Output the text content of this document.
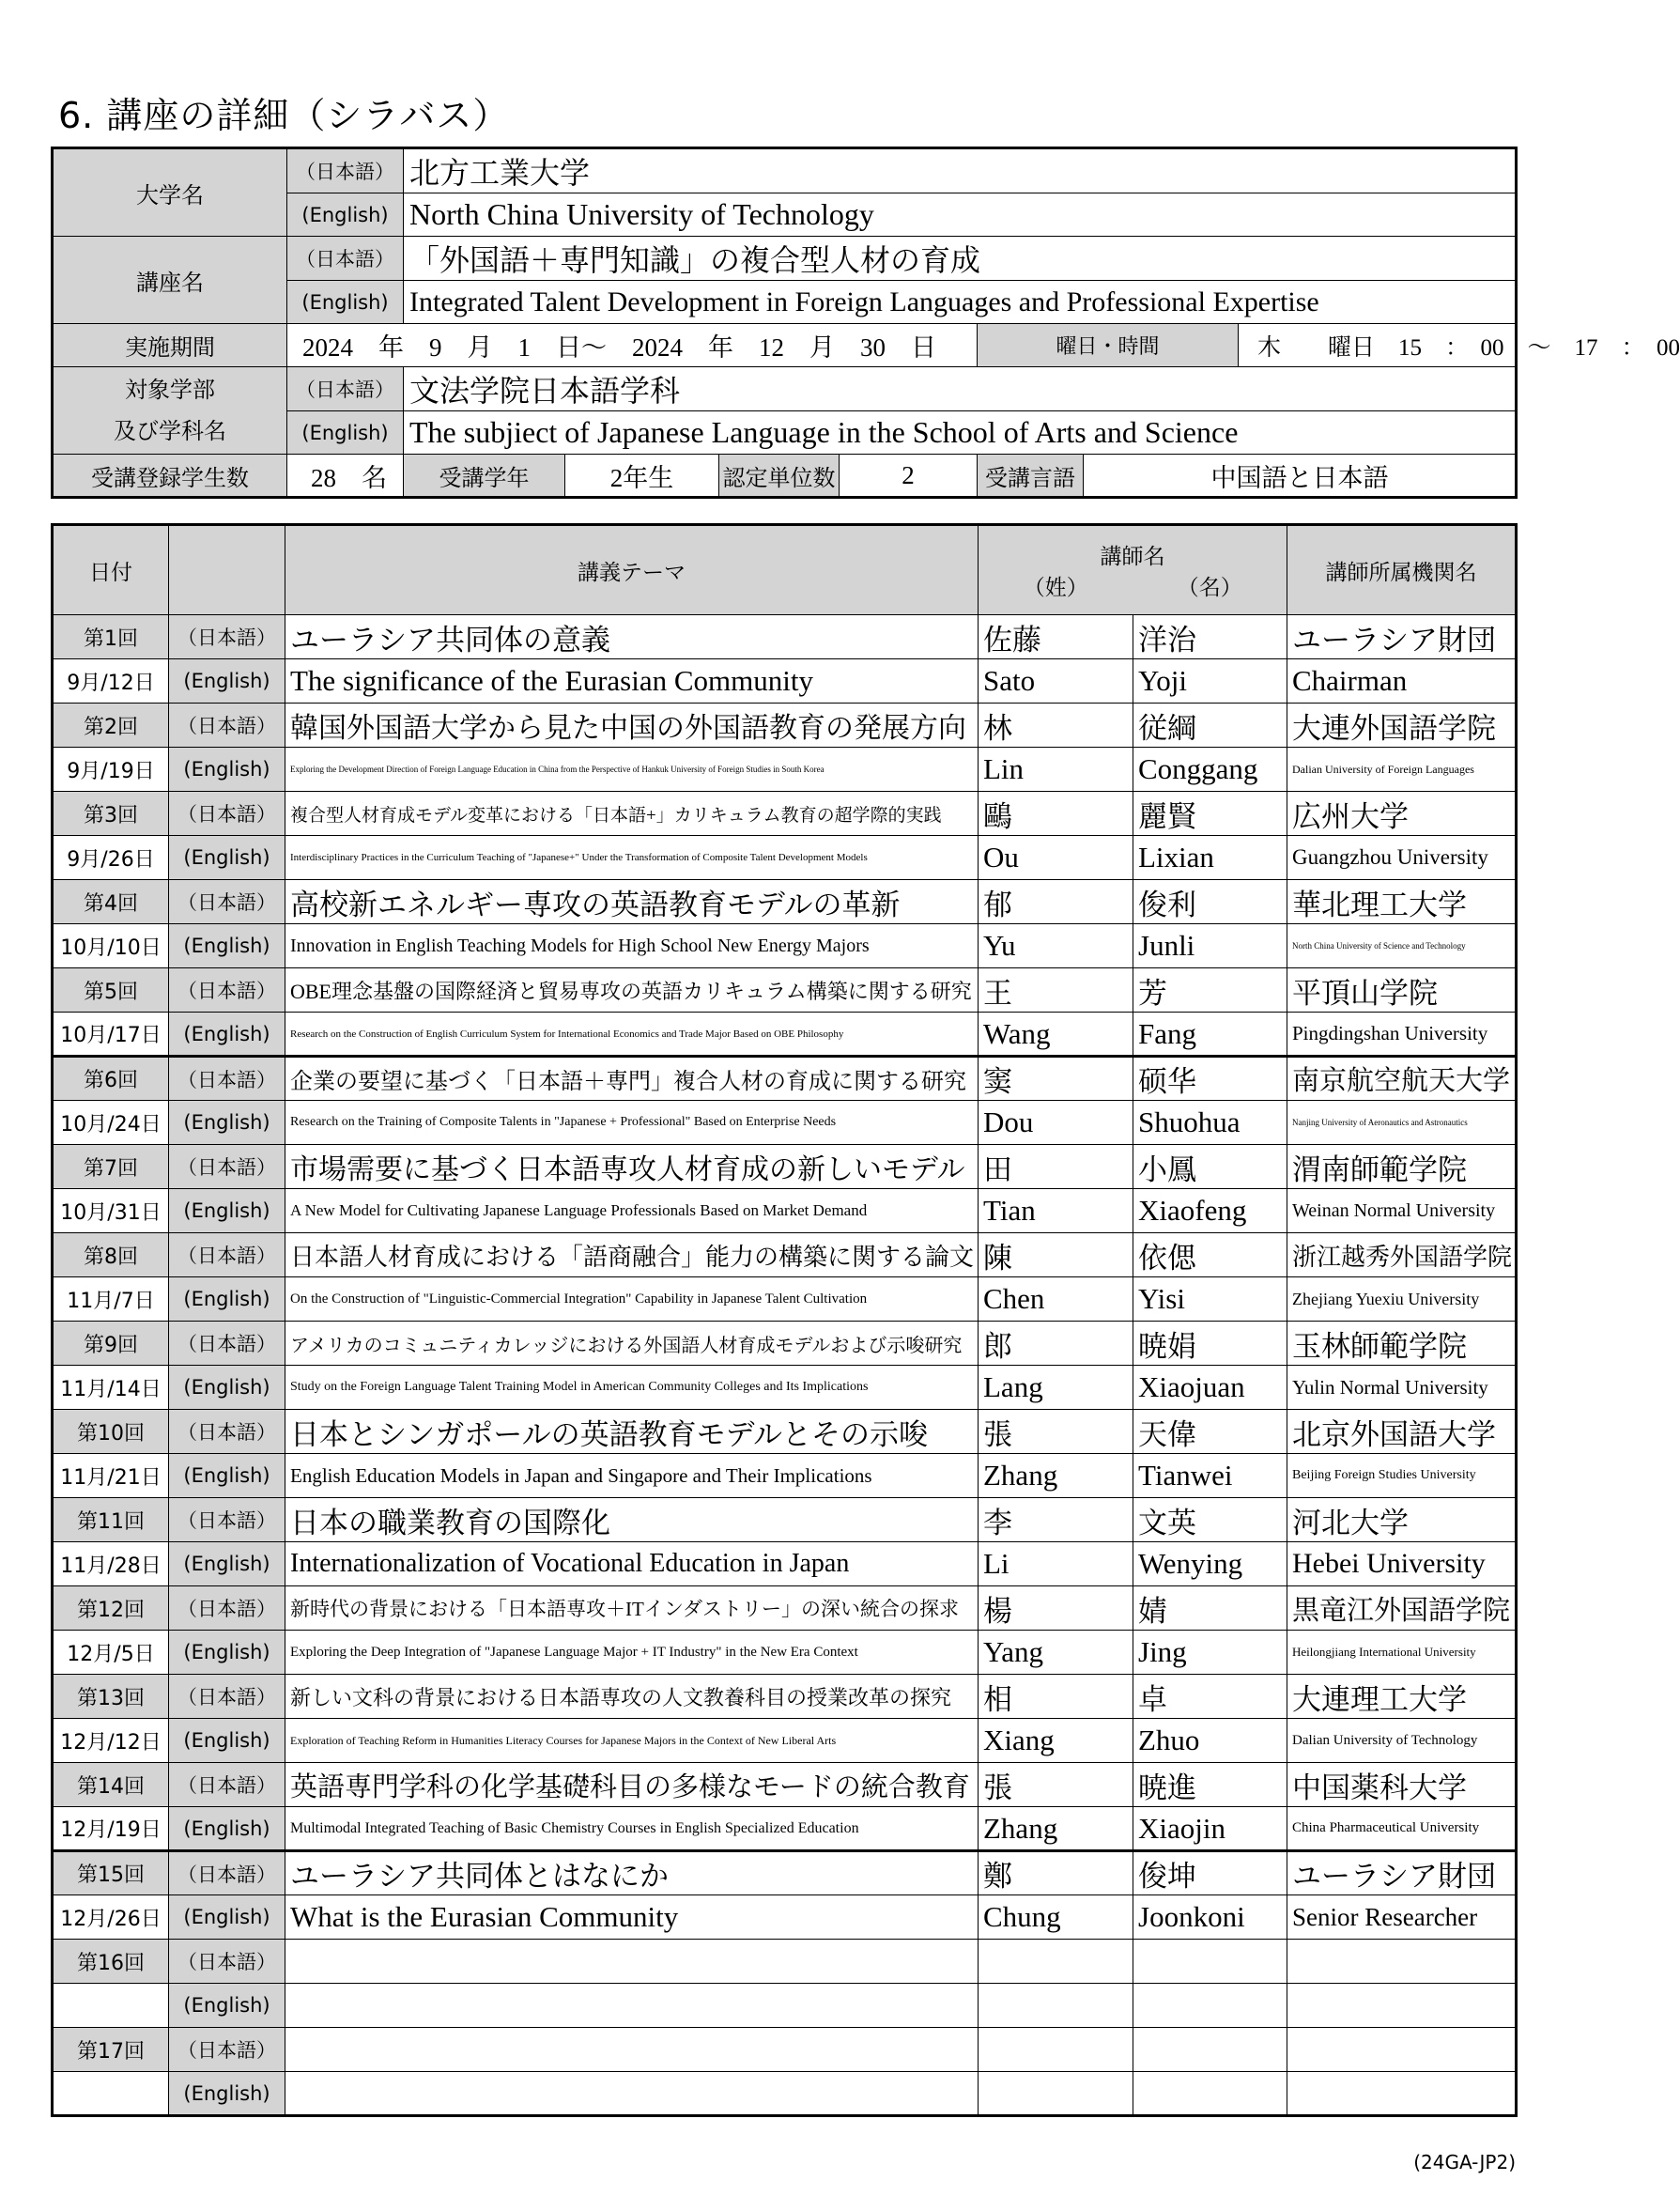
6. 講座の詳細（シラバス）
大学名	（日本語）	北方工業大学						
	(English)	North China University of Technology						
講座名	（日本語）	「外国語＋専門知識」の複合型人材の育成						
	(English)	Integrated Talent Development in Foreign Languages and Professional Expertise						
実施期間	2024　年　9　月　1　日～　2024　年　12　月　30　日					曜日・時間		木　　曜日　15　：　00　～　17　：　00

対象学部
及び学科名	（日本語）	文法学院日本語学科						
	(English)	The subjiect of Japanese Language in the School of Arts and Science						
受講登録学生数	28　名	受講学年	2年生	認定単位数	2	受講言語	中国語と日本語	
日付		講義テーマ	講師名		講師所属機関名
			（姓）	（名）	
第1回	（日本語）	ユーラシア共同体の意義	佐藤	洋治	ユーラシア財団
9月/12日	(English)	The significance of the Eurasian Community	Sato	Yoji	Chairman
第2回	（日本語）	韓国外国語大学から見た中国の外国語教育の発展方向	林	従綱	大連外国語学院
9月/19日	(English)	Exploring the Development Direction of Foreign Language Education in China from the Perspective of Hankuk University of Foreign Studies in South Korea	Lin	Conggang	Dalian University of Foreign Languages
第3回	（日本語）	複合型人材育成モデル変革における「日本語+」カリキュラム教育の超学際的実践	鷗	麗賢	広州大学
9月/26日	(English)	Interdisciplinary Practices in the Curriculum Teaching of "Japanese+" Under the Transformation of Composite Talent Development Models	Ou	Lixian	Guangzhou University
第4回	（日本語）	高校新エネルギー専攻の英語教育モデルの革新	郁	俊利	華北理工大学
10月/10日	(English)	Innovation in English Teaching Models for High School New Energy Majors	Yu	Junli	North China University of Science and Technology
第5回	（日本語）	OBE理念基盤の国際経済と貿易専攻の英語カリキュラム構築に関する研究	王	芳	平頂山学院
10月/17日	(English)	Research on the Construction of English Curriculum System for International Economics and Trade Major Based on OBE Philosophy	Wang	Fang	Pingdingshan University
第6回	（日本語）	企業の要望に基づく「日本語＋専門」複合人材の育成に関する研究	窦	硕华	南京航空航天大学
10月/24日	(English)	Research on the Training of Composite Talents in "Japanese + Professional" Based on Enterprise Needs	Dou	Shuohua	Nanjing University of Aeronautics and Astronautics
第7回	（日本語）	市場需要に基づく日本語専攻人材育成の新しいモデル	田	小鳳	渭南師範学院
10月/31日	(English)	A New Model for Cultivating Japanese Language Professionals Based on Market Demand	Tian	Xiaofeng	Weinan Normal University
第8回	（日本語）	日本語人材育成における「語商融合」能力の構築に関する論文	陳	依偲	浙江越秀外国語学院
11月/7日	(English)	On the Construction of "Linguistic-Commercial Integration" Capability in Japanese Talent Cultivation	Chen	Yisi	Zhejiang Yuexiu University
第9回	（日本語）	アメリカのコミュニティカレッジにおける外国語人材育成モデルおよび示唆研究	郎	暁娟	玉林師範学院
11月/14日	(English)	Study on the Foreign Language Talent Training Model in American Community Colleges and Its Implications	Lang	Xiaojuan	Yulin Normal University
第10回	（日本語）	日本とシンガポールの英語教育モデルとその示唆	張	天偉	北京外国語大学
11月/21日	(English)	English Education Models in Japan and Singapore and Their Implications	Zhang	Tianwei	Beijing Foreign Studies University
第11回	（日本語）	日本の職業教育の国際化	李	文英	河北大学
11月/28日	(English)	Internationalization of Vocational Education in Japan	Li	Wenying	Hebei University
第12回	（日本語）	新時代の背景における「日本語専攻＋ITインダストリー」の深い統合の探求	楊	婧	黒竜江外国語学院
12月/5日	(English)	Exploring the Deep Integration of "Japanese Language Major + IT Industry" in the New Era Context	Yang	Jing	Heilongjiang International University
第13回	（日本語）	新しい文科の背景における日本語専攻の人文教養科目の授業改革の探究	相	卓	大連理工大学
12月/12日	(English)	Exploration of Teaching Reform in Humanities Literacy Courses for Japanese Majors in the Context of New Liberal Arts	Xiang	Zhuo	Dalian University of Technology
第14回	（日本語）	英語専門学科の化学基礎科目の多様なモードの統合教育	張	暁進	中国薬科大学
12月/19日	(English)	Multimodal Integrated Teaching of Basic Chemistry Courses in English Specialized Education	Zhang	Xiaojin	China Pharmaceutical University
第15回	（日本語）	ユーラシア共同体とはなにか	鄭	俊坤	ユーラシア財団
12月/26日	(English)	What is the Eurasian Community	Chung	Joonkoni	Senior Researcher
第16回	（日本語）				
	(English)				
第17回	（日本語）				
	(English)				
(24GA-JP2)
